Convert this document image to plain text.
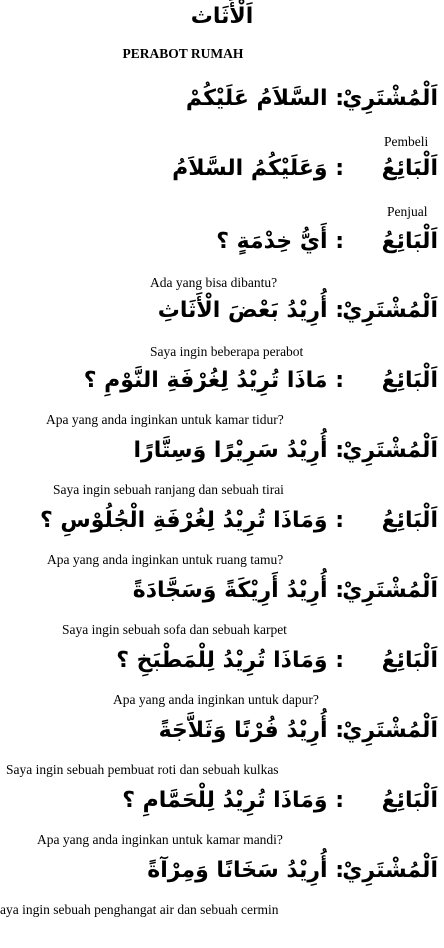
اَلْأَثَاث
PERABOT RUMAH
اَلْمُشْتَرِيْ
: السَّلاَمُ عَلَيْكُمْ
Pembeli
اَلْبَائِعُ
: وَعَلَيْكُمُ السَّلاَمُ
Penjual
اَلْبَائِعُ
: أَيُّ خِدْمَةٍ ؟
Ada yang bisa dibantu?
اَلْمُشْتَرِيْ
: أُرِيْدُ بَعْضَ الْأَثَاثِ
Saya ingin beberapa perabot
اَلْبَائِعُ
: مَاذَا تُرِيْدُ لِغُرْفَةِ النَّوْمِ ؟
Apa yang anda inginkan untuk kamar tidur?
اَلْمُشْتَرِيْ
: أُرِيْدُ سَرِيْرًا وَسِتَّارًا
Saya ingin sebuah ranjang dan sebuah tirai
اَلْبَائِعُ
: وَمَاذَا تُرِيْدُ لِغُرْفَةِ الْجُلُوْسِ ؟
Apa yang anda inginkan untuk ruang tamu?
اَلْمُشْتَرِيْ
: أُرِيْدُ أَرِيْكَةً وَسَجَّادَةً
Saya ingin sebuah sofa dan sebuah karpet
اَلْبَائِعُ
: وَمَاذَا تُرِيْدُ لِلْمَطْبَخِ ؟
Apa yang anda inginkan untuk dapur?
اَلْمُشْتَرِيْ
: أُرِيْدُ فُرْنًا وَثَلاَّجَةً
Saya ingin sebuah pembuat roti dan sebuah kulkas
اَلْبَائِعُ
: وَمَاذَا تُرِيْدُ لِلْحَمَّامِ ؟
Apa yang anda inginkan untuk kamar mandi?
اَلْمُشْتَرِيْ
: أُرِيْدُ سَخَانًا وَمِرْآةً
aya ingin sebuah penghangat air dan sebuah cermin
